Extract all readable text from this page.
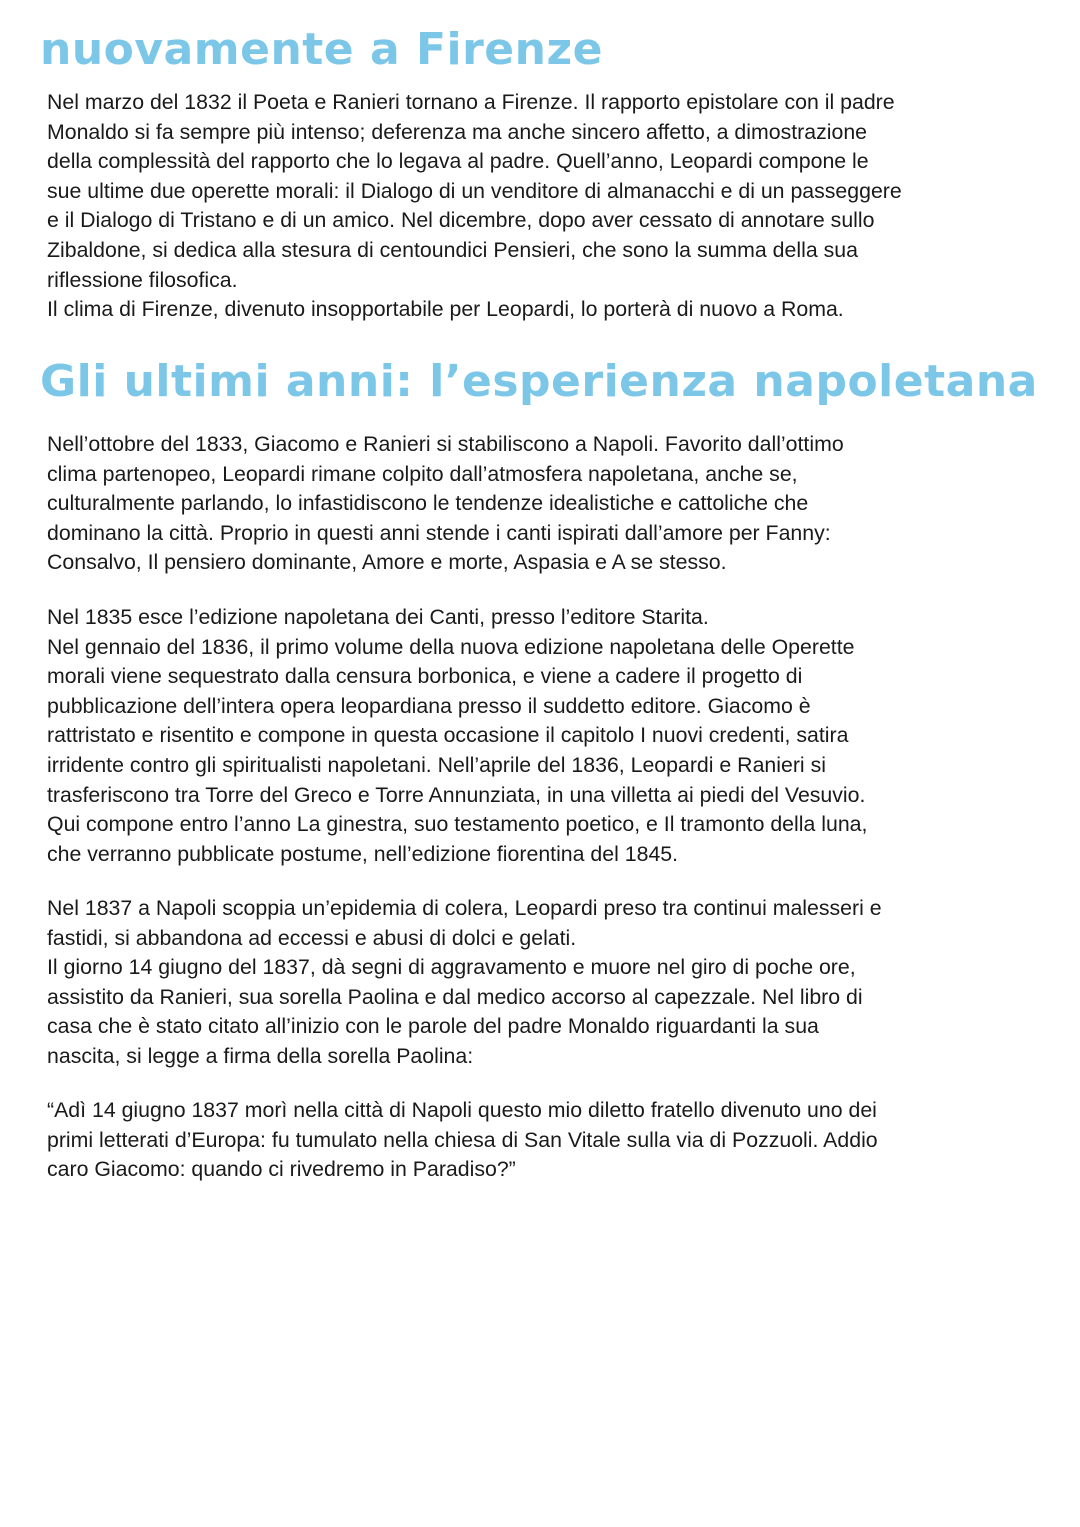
nuovamente a Firenze

Nel marzo del 1832 il Poeta e Ranieri tornano a Firenze. Il rapporto epistolare con il padre
Monaldo si fa sempre più intenso; deferenza ma anche sincero affetto, a dimostrazione
della complessità del rapporto che lo legava al padre. Quell’anno, Leopardi compone le
sue ultime due operette morali: il Dialogo di un venditore di almanacchi e di un passeggere
e il Dialogo di Tristano e di un amico. Nel dicembre, dopo aver cessato di annotare sullo
Zibaldone, si dedica alla stesura di centoundici Pensieri, che sono la summa della sua
riflessione filosofica.
Il clima di Firenze, divenuto insopportabile per Leopardi, lo porterà di nuovo a Roma.

Gli ultimi anni: l’esperienza napoletana

Nell’ottobre del 1833, Giacomo e Ranieri si stabiliscono a Napoli. Favorito dall’ottimo
clima partenopeo, Leopardi rimane colpito dall’atmosfera napoletana, anche se,
culturalmente parlando, lo infastidiscono le tendenze idealistiche e cattoliche che
dominano la città. Proprio in questi anni stende i canti ispirati dall’amore per Fanny:
Consalvo, Il pensiero dominante, Amore e morte, Aspasia e A se stesso.

Nel 1835 esce l’edizione napoletana dei Canti, presso l’editore Starita.
Nel gennaio del 1836, il primo volume della nuova edizione napoletana delle Operette
morali viene sequestrato dalla censura borbonica, e viene a cadere il progetto di
pubblicazione dell’intera opera leopardiana presso il suddetto editore. Giacomo è
rattristato e risentito e compone in questa occasione il capitolo I nuovi credenti, satira
irridente contro gli spiritualisti napoletani. Nell’aprile del 1836, Leopardi e Ranieri si
trasferiscono tra Torre del Greco e Torre Annunziata, in una villetta ai piedi del Vesuvio.
Qui compone entro l’anno La ginestra, suo testamento poetico, e Il tramonto della luna,
che verranno pubblicate postume, nell’edizione fiorentina del 1845.

Nel 1837 a Napoli scoppia un’epidemia di colera, Leopardi preso tra continui malesseri e
fastidi, si abbandona ad eccessi e abusi di dolci e gelati.
Il giorno 14 giugno del 1837, dà segni di aggravamento e muore nel giro di poche ore,
assistito da Ranieri, sua sorella Paolina e dal medico accorso al capezzale. Nel libro di
casa che è stato citato all’inizio con le parole del padre Monaldo riguardanti la sua
nascita, si legge a firma della sorella Paolina:

“Adì 14 giugno 1837 morì nella città di Napoli questo mio diletto fratello divenuto uno dei
primi letterati d’Europa: fu tumulato nella chiesa di San Vitale sulla via di Pozzuoli. Addio
caro Giacomo: quando ci rivedremo in Paradiso?”
